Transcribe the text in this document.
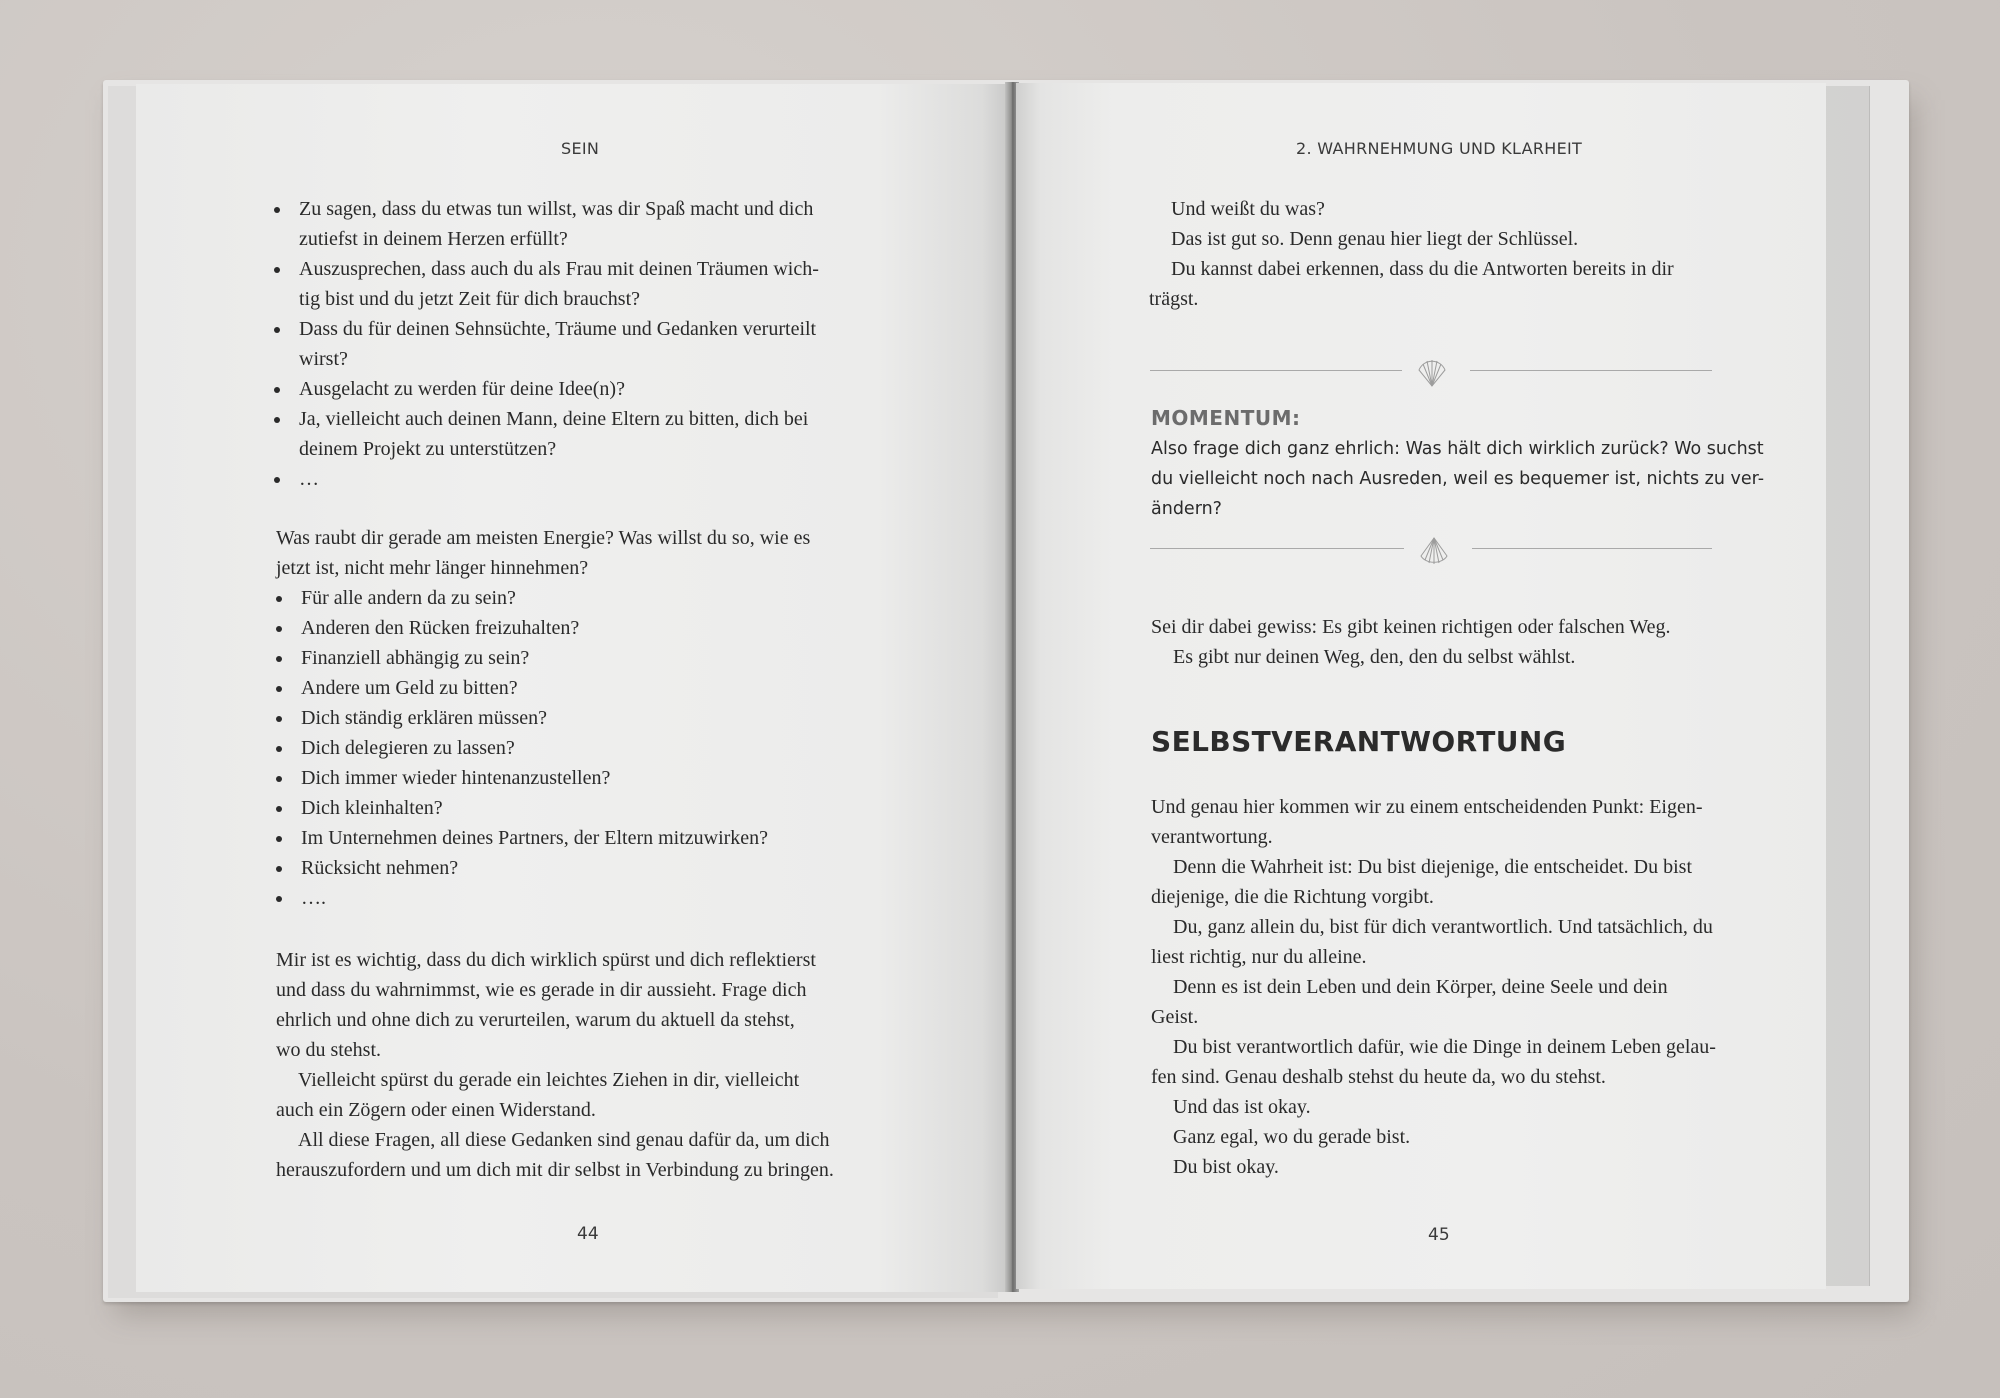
SEIN
Zu sagen, dass du etwas tun willst, was dir Spaß macht und dich
zutiefst in deinem Herzen erfüllt?
Auszusprechen, dass auch du als Frau mit deinen Träumen wich-
tig bist und du jetzt Zeit für dich brauchst?
Dass du für deinen Sehnsüchte, Träume und Gedanken verurteilt
wirst?
Ausgelacht zu werden für deine Idee(n)?
Ja, vielleicht auch deinen Mann, deine Eltern zu bitten, dich bei
deinem Projekt zu unterstützen?
…
Was raubt dir gerade am meisten Energie? Was willst du so, wie es
jetzt ist, nicht mehr länger hinnehmen?
Für alle andern da zu sein?
Anderen den Rücken freizuhalten?
Finanziell abhängig zu sein?
Andere um Geld zu bitten?
Dich ständig erklären müssen?
Dich delegieren zu lassen?
Dich immer wieder hintenanzustellen?
Dich kleinhalten?
Im Unternehmen deines Partners, der Eltern mitzuwirken?
Rücksicht nehmen?
….
Mir ist es wichtig, dass du dich wirklich spürst und dich reflektierst
und dass du wahrnimmst, wie es gerade in dir aussieht. Frage dich
ehrlich und ohne dich zu verurteilen, warum du aktuell da stehst,
wo du stehst.
Vielleicht spürst du gerade ein leichtes Ziehen in dir, vielleicht
auch ein Zögern oder einen Widerstand.
All diese Fragen, all diese Gedanken sind genau dafür da, um dich
herauszufordern und um dich mit dir selbst in Verbindung zu bringen.
44
2. WAHRNEHMUNG UND KLARHEIT
Und weißt du was?
Das ist gut so. Denn genau hier liegt der Schlüssel.
Du kannst dabei erkennen, dass du die Antworten bereits in dir
trägst.
MOMENTUM:
Also frage dich ganz ehrlich: Was hält dich wirklich zurück? Wo suchst
du vielleicht noch nach Ausreden, weil es bequemer ist, nichts zu ver-
ändern?
Sei dir dabei gewiss: Es gibt keinen richtigen oder falschen Weg.
Es gibt nur deinen Weg, den, den du selbst wählst.
SELBSTVERANTWORTUNG
Und genau hier kommen wir zu einem entscheidenden Punkt: Eigen-
verantwortung.
Denn die Wahrheit ist: Du bist diejenige, die entscheidet. Du bist
diejenige, die die Richtung vorgibt.
Du, ganz allein du, bist für dich verantwortlich. Und tatsächlich, du
liest richtig, nur du alleine.
Denn es ist dein Leben und dein Körper, deine Seele und dein
Geist.
Du bist verantwortlich dafür, wie die Dinge in deinem Leben gelau-
fen sind. Genau deshalb stehst du heute da, wo du stehst.
Und das ist okay.
Ganz egal, wo du gerade bist.
Du bist okay.
45
